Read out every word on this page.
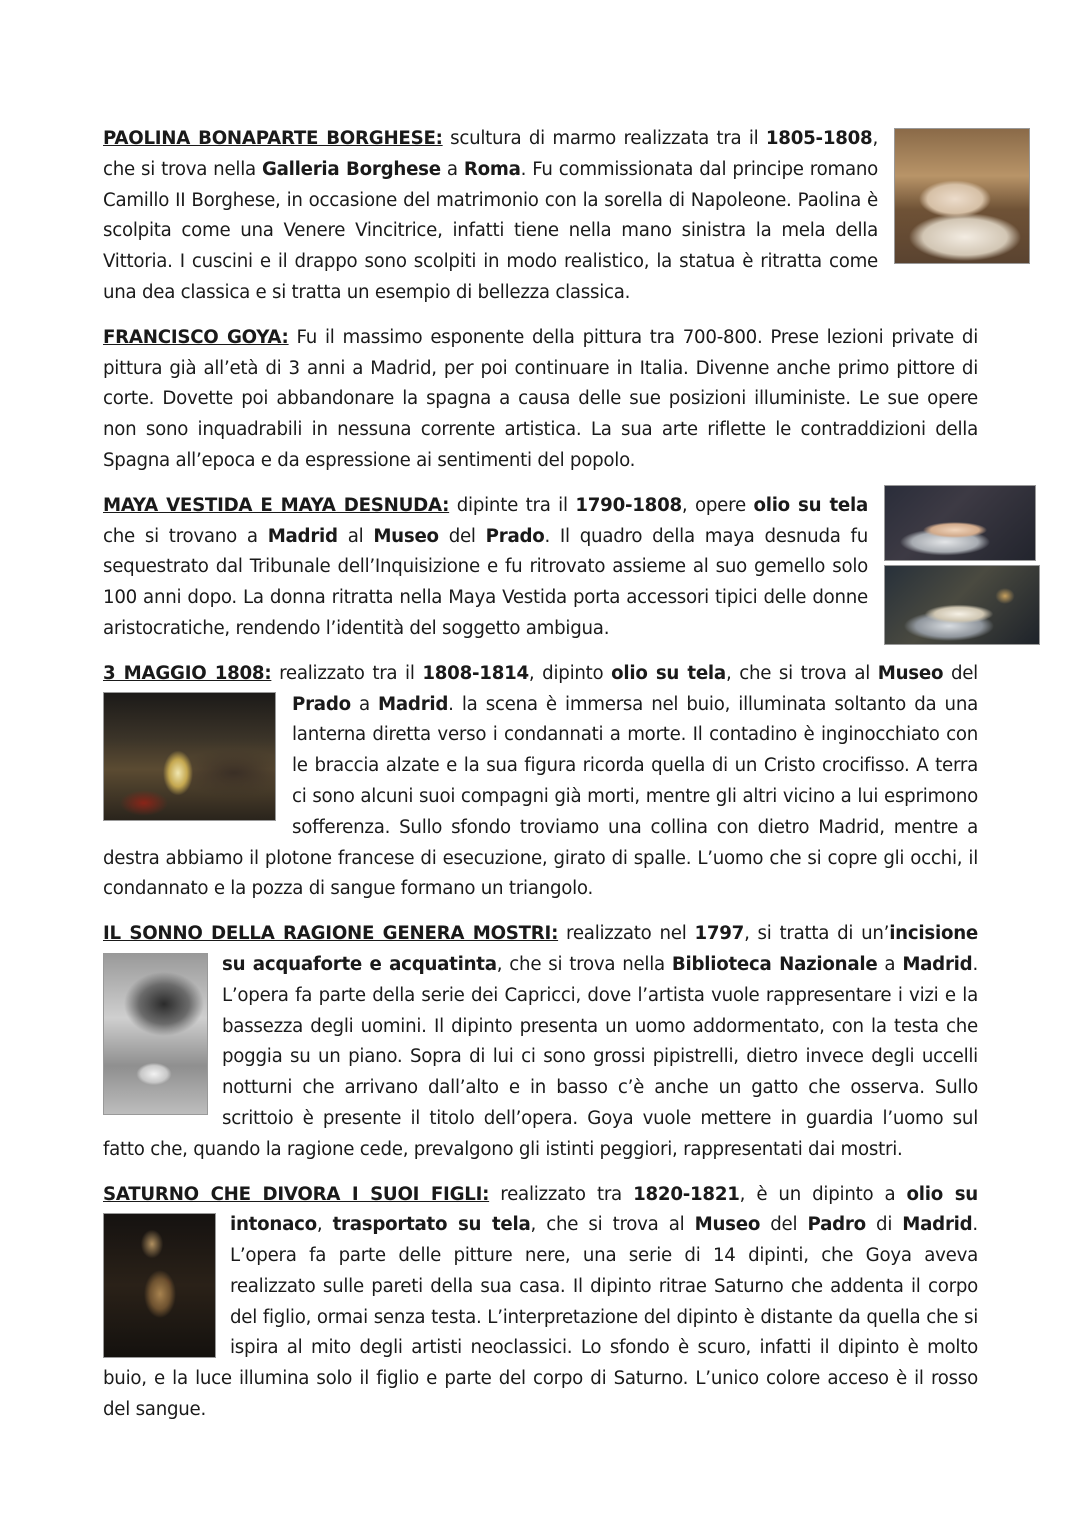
PAOLINA BONAPARTE BORGHESE: scultura di marmo realizzata tra il 1805-1808, che si trova nella Galleria Borghese a Roma. Fu commissionata dal principe romano Camillo II Borghese, in occasione del matrimonio con la sorella di Napoleone. Paolina è scolpita come una Venere Vincitrice, infatti tiene nella mano sinistra la mela della Vittoria. I cuscini e il drappo sono scolpiti in modo realistico, la statua è ritratta come una dea classica e si tratta un esempio di bellezza classica.

FRANCISCO GOYA: Fu il massimo esponente della pittura tra 700-800. Prese lezioni private di pittura già all’età di 3 anni a Madrid, per poi continuare in Italia. Divenne anche primo pittore di corte. Dovette poi abbandonare la spagna a causa delle sue posizioni illuministe. Le sue opere non sono inquadrabili in nessuna corrente artistica. La sua arte riflette le contraddizioni della Spagna all’epoca e da espressione ai sentimenti del popolo.

MAYA VESTIDA E MAYA DESNUDA: dipinte tra il 1790-1808, opere olio su tela che si trovano a Madrid al Museo del Prado. Il quadro della maya desnuda fu sequestrato dal Tribunale dell’Inquisizione e fu ritrovato assieme al suo gemello solo 100 anni dopo. La donna ritratta nella Maya Vestida porta accessori tipici delle donne aristocratiche, rendendo l’identità del soggetto ambigua.

3 MAGGIO 1808: realizzato tra il 1808-1814, dipinto olio su tela, che si trova al Museo del
Prado a Madrid. la scena è immersa nel buio, illuminata soltanto da una lanterna diretta verso i condannati a morte. Il contadino è inginocchiato con le braccia alzate e la sua figura ricorda quella di un Cristo crocifisso. A terra ci sono alcuni suoi compagni già morti, mentre gli altri vicino a lui esprimono sofferenza. Sullo sfondo troviamo una collina con dietro Madrid, mentre a destra abbiamo il plotone francese di esecuzione, girato di spalle. L’uomo che si copre gli occhi, il condannato e la pozza di sangue formano un triangolo.

IL SONNO DELLA RAGIONE GENERA MOSTRI: realizzato nel 1797, si tratta di un’incisione
su acquaforte e acquatinta, che si trova nella Biblioteca Nazionale a Madrid. L’opera fa parte della serie dei Capricci, dove l’artista vuole rappresentare i vizi e la bassezza degli uomini. Il dipinto presenta un uomo addormentato, con la testa che poggia su un piano. Sopra di lui ci sono grossi pipistrelli, dietro invece degli uccelli notturni che arrivano dall’alto e in basso c’è anche un gatto che osserva. Sullo scrittoio è presente il titolo dell’opera. Goya vuole mettere in guardia l’uomo sul fatto che, quando la ragione cede, prevalgono gli istinti peggiori, rappresentati dai mostri.

SATURNO CHE DIVORA I SUOI FIGLI: realizzato tra 1820-1821, è un dipinto a olio su
intonaco, trasportato su tela, che si trova al Museo del Padro di Madrid. L’opera fa parte delle pitture nere, una serie di 14 dipinti, che Goya aveva realizzato sulle pareti della sua casa. Il dipinto ritrae Saturno che addenta il corpo del figlio, ormai senza testa. L’interpretazione del dipinto è distante da quella che si ispira al mito degli artisti neoclassici. Lo sfondo è scuro, infatti il dipinto è molto buio, e la luce illumina solo il figlio e parte del corpo di Saturno. L’unico colore acceso è il rosso del sangue.
